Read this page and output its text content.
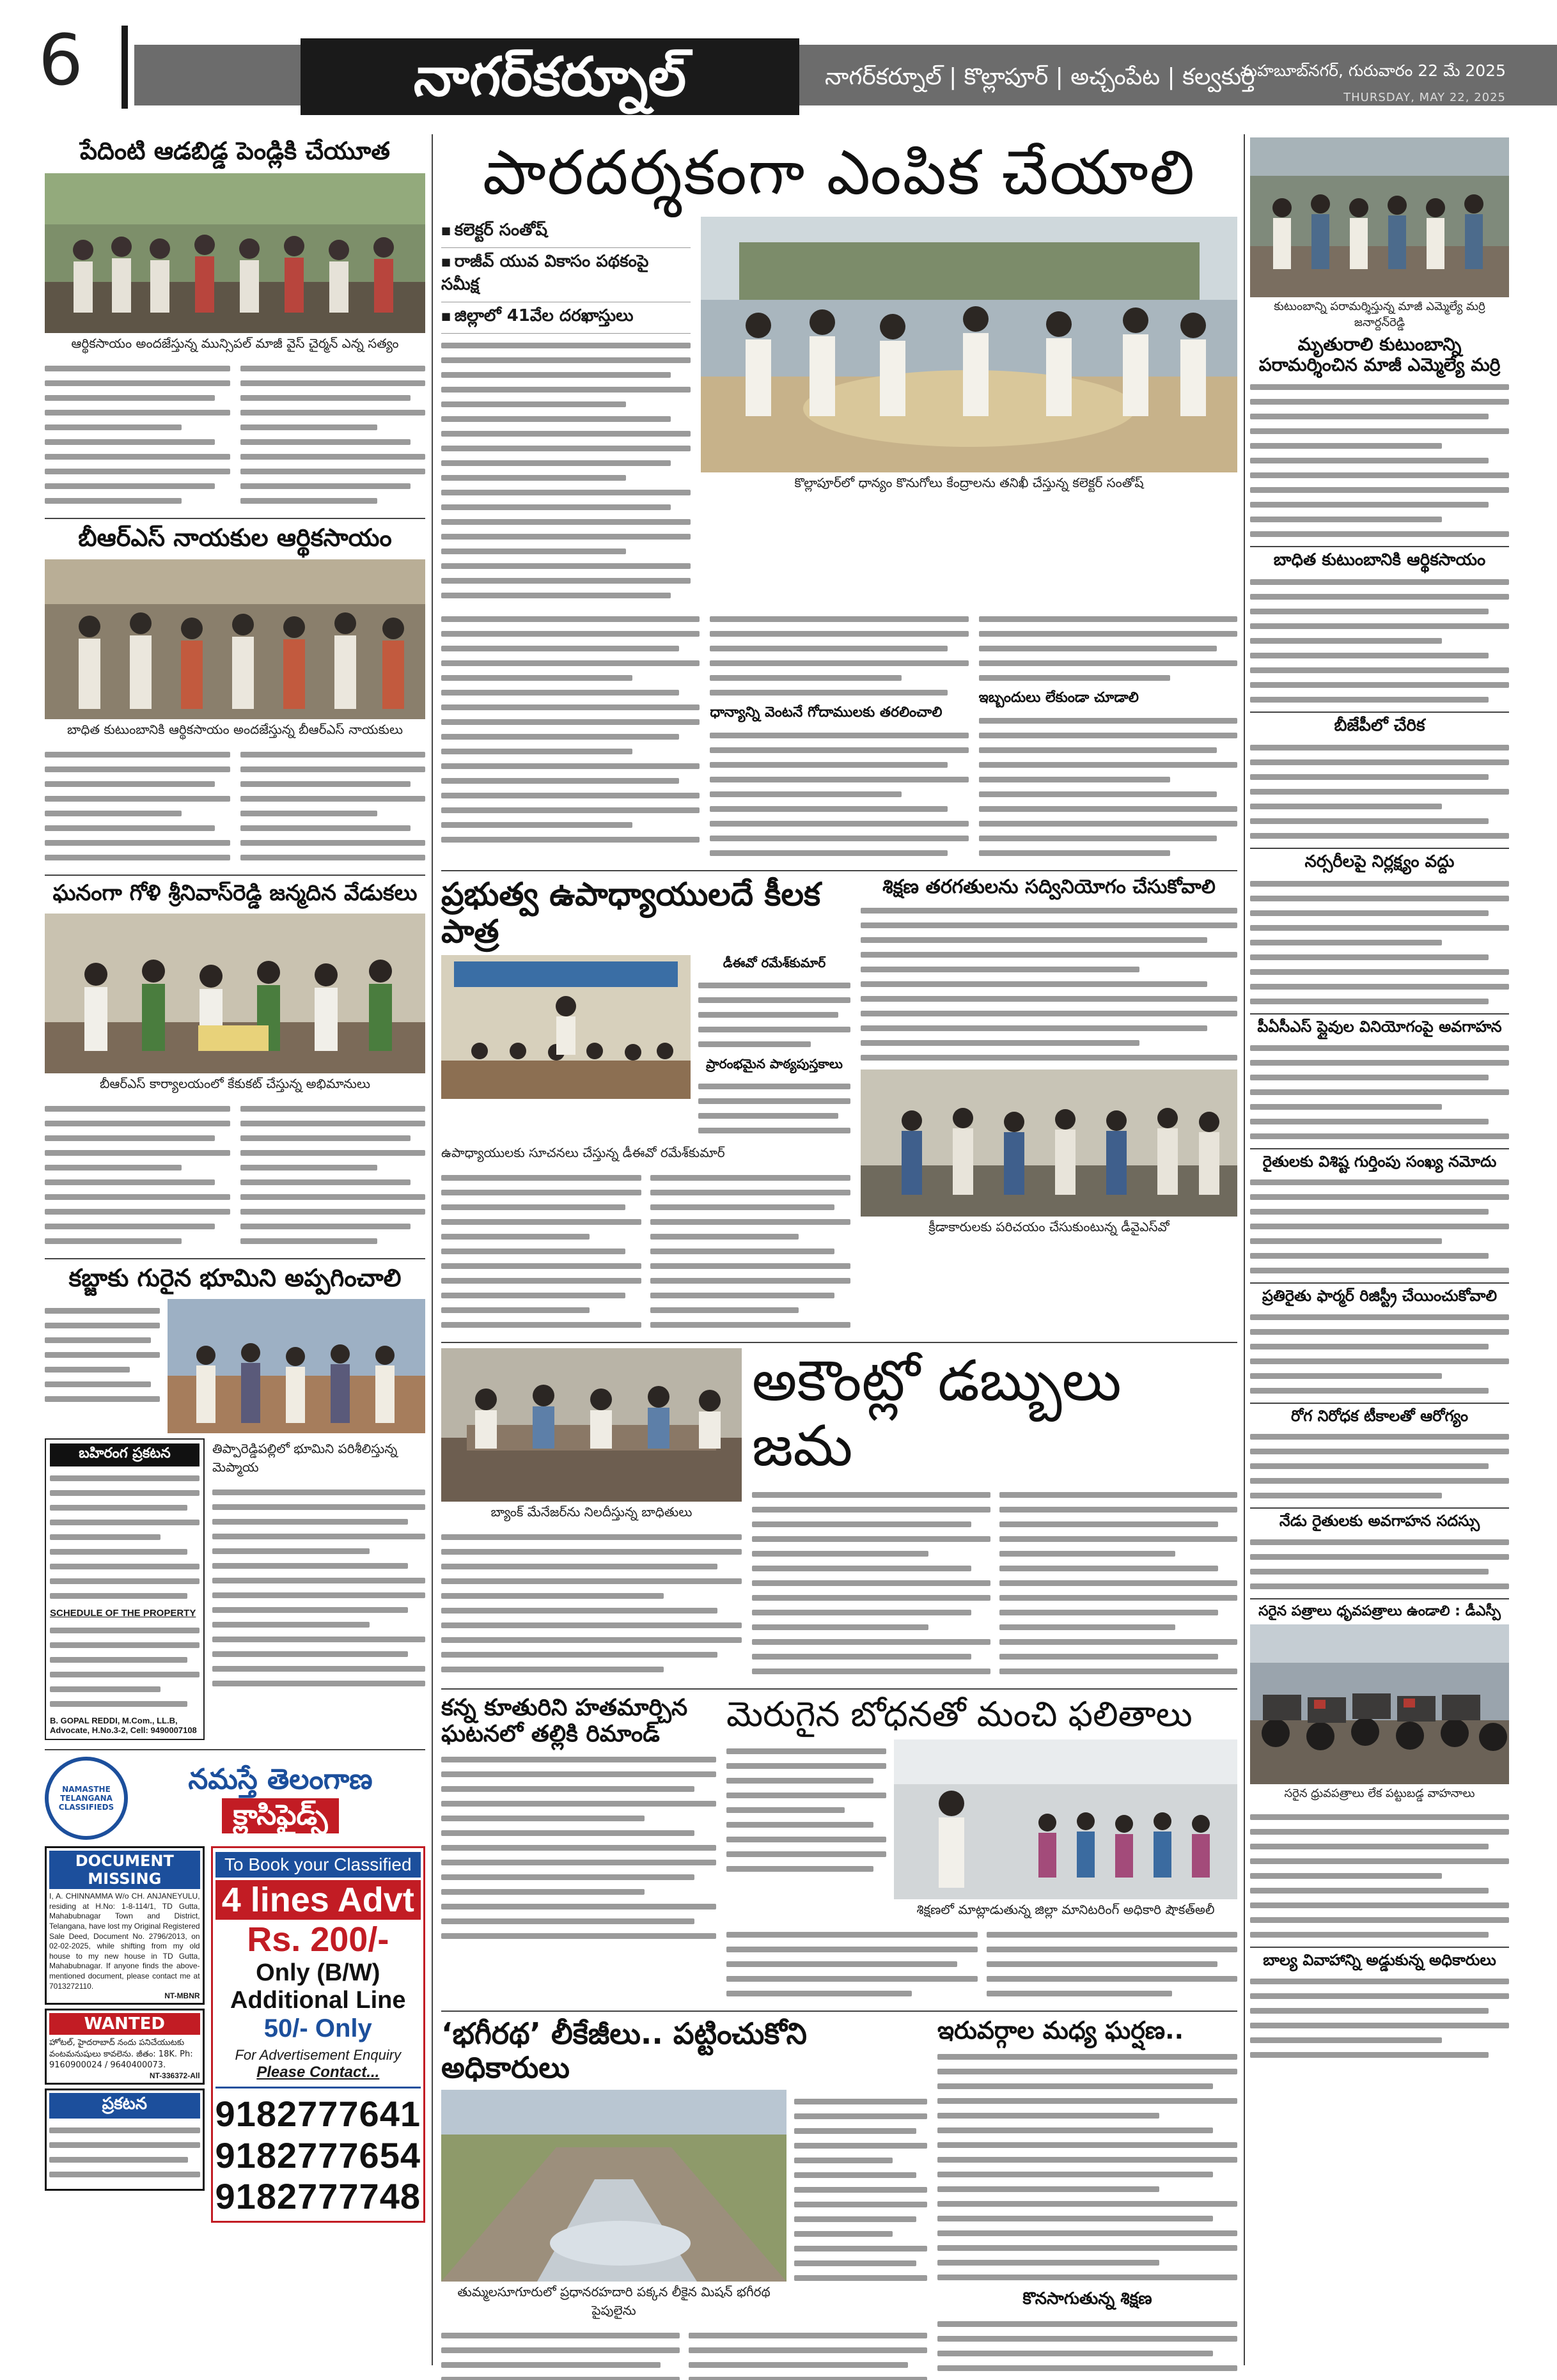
6	నాగర్‌కర్నూల్	నాగర్‌కర్నూల్ | కొల్లాపూర్ | అచ్చంపేట | కల్వకుర్తి
మహబూబ్‌నగర్, గురువారం 22 మే 2025
THURSDAY, MAY 22, 2025
పేదింటి ఆడబిడ్డ పెండ్లికి చేయూత
ఆర్థికసాయం అందజేస్తున్న మున్సిపల్ మాజీ వైస్ చైర్మన్ ఎన్న సత్యం
బీఆర్ఎస్ నాయకుల ఆర్థికసాయం
బాధిత కుటుంబానికి ఆర్థికసాయం అందజేస్తున్న బీఆర్ఎస్ నాయకులు
ఘనంగా గోళి శ్రీనివాస్‌రెడ్డి జన్మదిన వేడుకలు
బీఆర్ఎస్ కార్యాలయంలో కేకుకట్ చేస్తున్న అభిమానులు
కబ్జాకు గురైన భూమిని అప్పగించాలి
బహిరంగ ప్రకటన
SCHEDULE OF THE PROPERTY
B. GOPAL REDDI, M.Com., LL.B, Advocate, H.No.3-2, Cell: 9490007108
తిప్పారెడ్డిపల్లిలో భూమిని పరిశీలిస్తున్న మెప్మాయ
NAMASTHE TELANGANA CLASSIFIEDS
నమస్తే తెలంగాణ
క్లాసిఫైడ్స్
DOCUMENT MISSING
I, A. CHINNAMMA W/o CH. ANJANEYULU, residing at H.No: 1-8-114/1, TD Gutta, Mahabubnagar Town and District, Telangana, have lost my Original Registered Sale Deed, Document No. 2796/2013, on 02-02-2025, while shifting from my old house to my new house in TD Gutta, Mahabubnagar. If anyone finds the above-mentioned document, please contact me at 7013272110.
NT-MBNR
WANTED
హోటల్, హైదరాబాద్ నందు పనిచేయుటకు వంటమనుషులు కావలెను. జీతం: 18K. Ph: 9160900024 / 9640400073.
NT-336372-All
ప్రకటన
To Book your Classified
4 lines Advt
Rs. 200/-
Only (B/W)
Additional Line
50/- Only
For Advertisement Enquiry
Please Contact...
9182777641
9182777654
9182777748
పారదర్శకంగా ఎంపిక చేయాలి
■ కలెక్టర్ సంతోష్
■ రాజీవ్ యువ వికాసం పథకంపై సమీక్ష
■ జిల్లాలో 41వేల దరఖాస్తులు
కొల్లాపూర్‌లో ధాన్యం కొనుగోలు కేంద్రాలను తనిఖీ చేస్తున్న కలెక్టర్ సంతోష్
ధాన్యాన్ని వెంటనే గోదాములకు తరలించాలి
ఇబ్బందులు లేకుండా చూడాలి
ప్రభుత్వ ఉపాధ్యాయులదే కీలక పాత్ర
డీఈవో రమేశ్‌కుమార్
ప్రారంభమైన పాఠ్యపుస్తకాలు
ఉపాధ్యాయులకు సూచనలు చేస్తున్న డీఈవో రమేశ్‌కుమార్
శిక్షణ తరగతులను సద్వినియోగం చేసుకోవాలి
క్రీడాకారులకు పరిచయం చేసుకుంటున్న డీవైఎస్‌వో
బ్యాంక్ మేనేజర్‌ను నిలదీస్తున్న బాధితులు
అకౌంట్లో డబ్బులు జమ
కన్న కూతురిని హతమార్చిన ఘటనలో తల్లికి రిమాండ్	మెరుగైన బోధనతో మంచి ఫలితాలు
శిక్షణలో మాట్లాడుతున్న జిల్లా మానిటరింగ్ అధికారి షౌకత్అలీ
‘భగీరథ’ లీకేజీలు.. పట్టించుకోని అధికారులు
తుమ్మలసూగూరులో ప్రధానరహదారి పక్కన లీకైన మిషన్ భగీరథ పైపులైను
ఇరువర్గాల మధ్య ఘర్షణ..
కొనసాగుతున్న శిక్షణ
కుటుంబాన్ని పరామర్శిస్తున్న మాజీ ఎమ్మెల్యే మర్రి జనార్దన్‌రెడ్డి
మృతురాలి కుటుంబాన్ని పరామర్శించిన మాజీ ఎమ్మెల్యే మర్రి
బాధిత కుటుంబానికి ఆర్థికసాయం
బీజేపీలో చేరిక
నర్సరీలపై నిర్లక్ష్యం వద్దు
పీఏసీఎస్ ప్లైవుల వినియోగంపై అవగాహన
రైతులకు విశిష్ట గుర్తింపు సంఖ్య నమోదు
ప్రతిరైతు ఫార్మర్ రిజిస్ట్రీ చేయించుకోవాలి
రోగ నిరోధక టీకాలతో ఆరోగ్యం
నేడు రైతులకు అవగాహన సదస్సు
సరైన పత్రాలు ధృవపత్రాలు ఉండాలి : డీఎస్పీ
సరైన ధ్రువపత్రాలు లేక పట్టుబడ్డ వాహనాలు
బాల్య వివాహాన్ని అడ్డుకున్న అధికారులు
